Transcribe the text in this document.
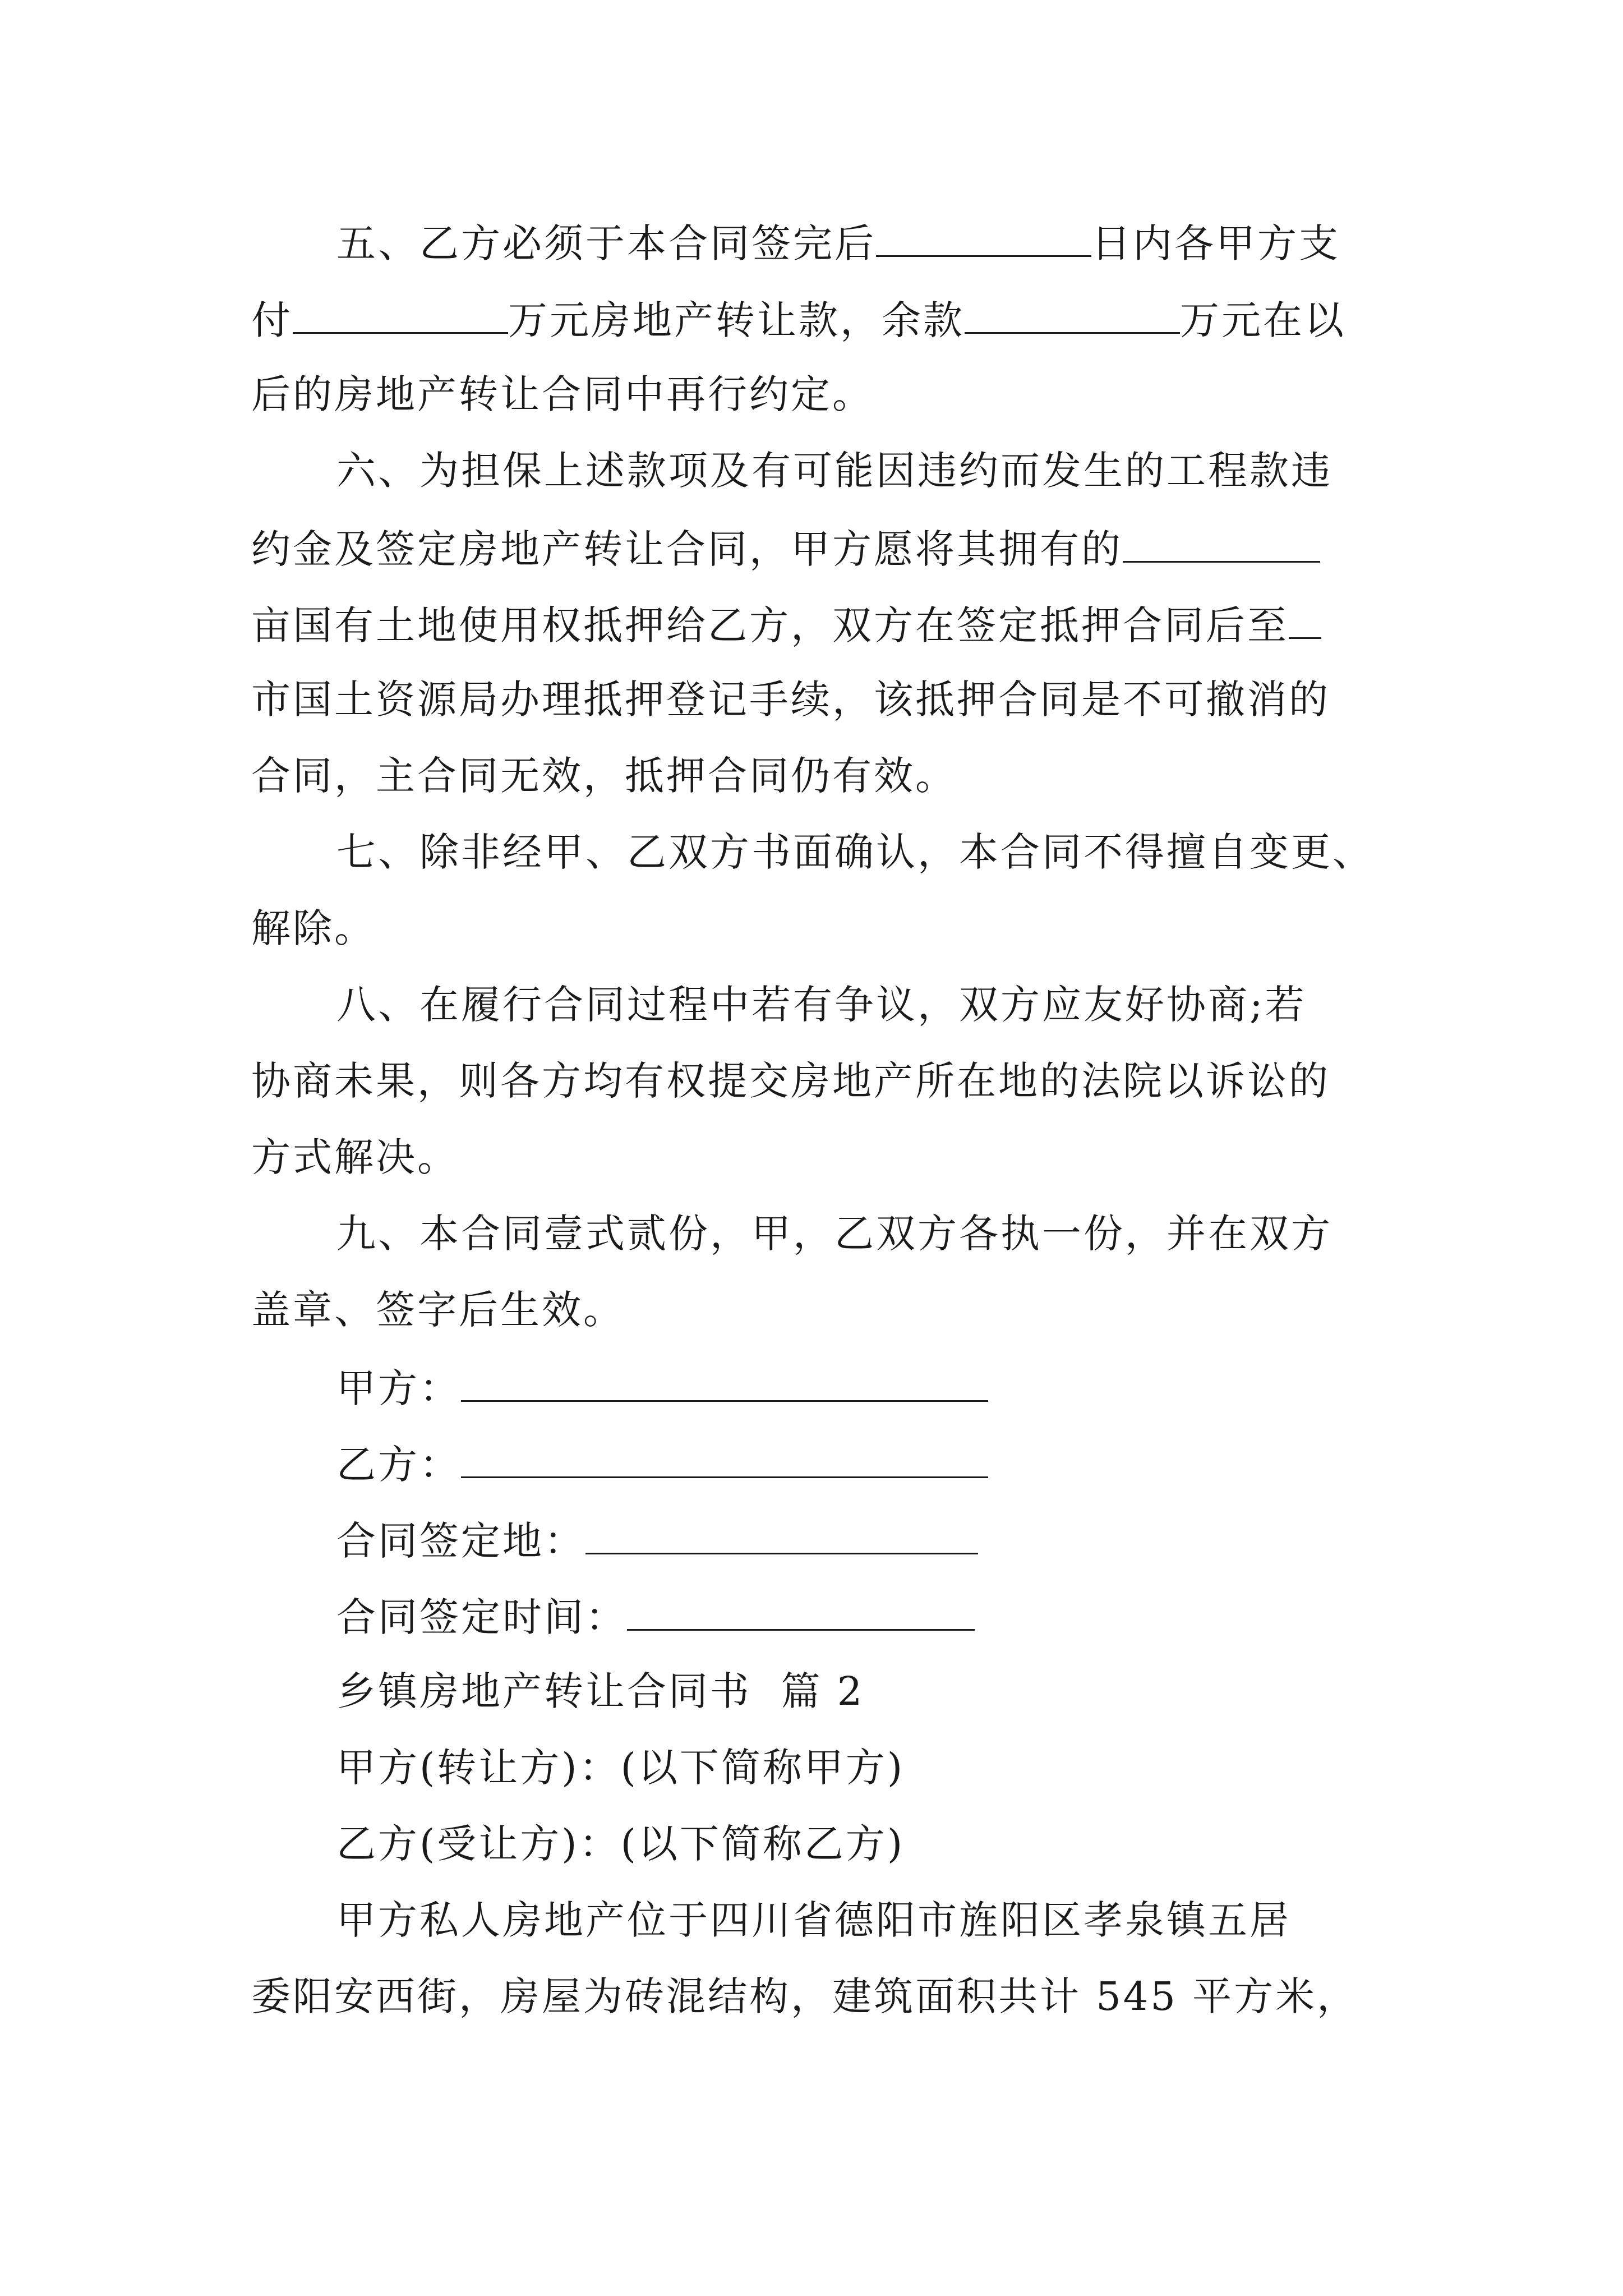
五、乙方必须于本合同签完后	日内各甲方支
付	万元房地产转让款，余款	万元在以
后的房地产转让合同中再行约定。
六、为担保上述款项及有可能因违约而发生的工程款违
约金及签定房地产转让合同，甲方愿将其拥有的
亩国有土地使用权抵押给乙方，双方在签定抵押合同后至
市国土资源局办理抵押登记手续，该抵押合同是不可撤消的
合同，主合同无效，抵押合同仍有效。
七、除非经甲、乙双方书面确认，本合同不得擅自变更、
解除。
八、在履行合同过程中若有争议，双方应友好协商;若
协商未果，则各方均有权提交房地产所在地的法院以诉讼的
方式解决。
九、本合同壹式贰份，甲，乙双方各执一份，并在双方
盖章、签字后生效。
甲方：
乙方：
合同签定地：
合同签定时间：
乡镇房地产转让合同书  篇 2
甲方(转让方)：(以下简称甲方)
乙方(受让方)：(以下简称乙方)
甲方私人房地产位于四川省德阳市旌阳区孝泉镇五居
委阳安西街，房屋为砖混结构，建筑面积共计 545 平方米，
